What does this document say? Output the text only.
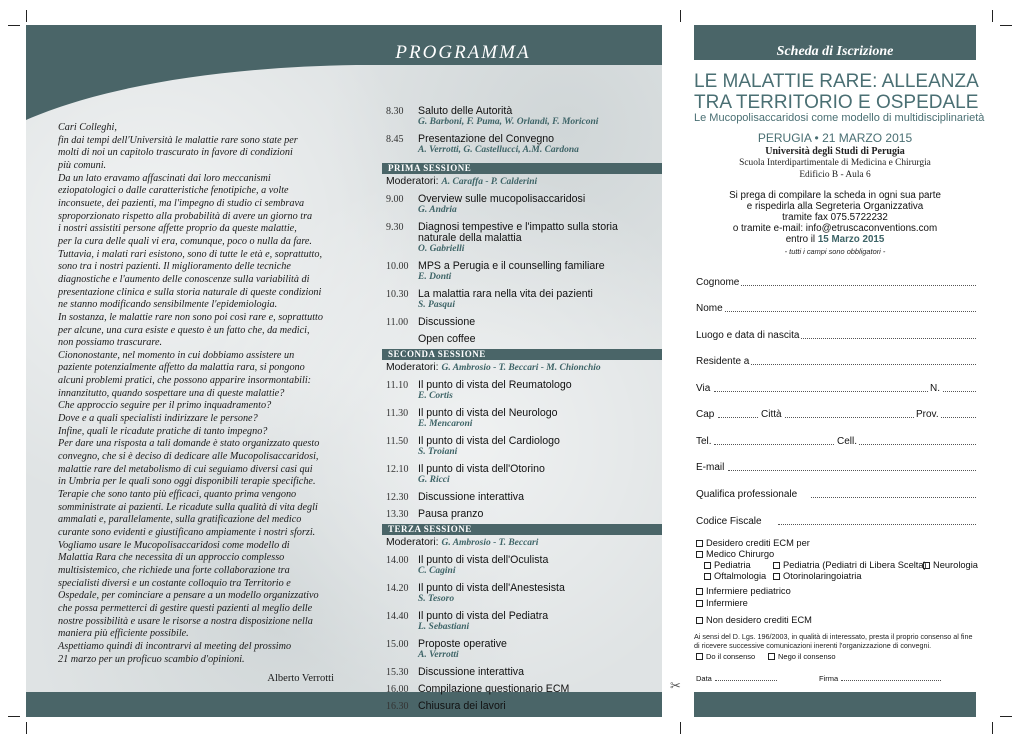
PROGRAMMA
Cari Colleghi,
fin dai tempi dell'Università le malattie rare sono state per
molti di noi un capitolo trascurato in favore di condizioni
più comuni.
Da un lato eravamo affascinati dai loro meccanismi
eziopatologici o dalle caratteristiche fenotipiche, a volte
inconsuete, dei pazienti, ma l'impegno di studio ci sembrava
sproporzionato rispetto alla probabilità di avere un giorno tra
i nostri assistiti persone affette proprio da queste malattie,
per la cura delle quali vi era, comunque, poco o nulla da fare.
Tuttavia, i malati rari esistono, sono di tutte le età e, soprattutto,
sono tra i nostri pazienti. Il miglioramento delle tecniche
diagnostiche e l'aumento delle conoscenze sulla variabilità di
presentazione clinica e sulla storia naturale di queste condizioni
ne stanno modificando sensibilmente l'epidemiologia.
In sostanza, le malattie rare non sono poi così rare e, soprattutto
per alcune, una cura esiste e questo è un fatto che, da medici,
non possiamo trascurare.
Ciononostante, nel momento in cui dobbiamo assistere un
paziente potenzialmente affetto da malattia rara, si pongono
alcuni problemi pratici, che possono apparire insormontabili:
innanzitutto, quando sospettare una di queste malattie?
Che approccio seguire per il primo inquadramento?
Dove e a quali specialisti indirizzare le persone?
Infine, quali le ricadute pratiche di tanto impegno?
Per dare una risposta a tali domande è stato organizzato questo
convegno, che si è deciso di dedicare alle Mucopolisaccaridosi,
malattie rare del metabolismo di cui seguiamo diversi casi qui
in Umbria per le quali sono oggi disponibili terapie specifiche.
Terapie che sono tanto più efficaci, quanto prima vengono
somministrate ai pazienti. Le ricadute sulla qualità di vita degli
ammalati e, parallelamente, sulla gratificazione del medico
curante sono evidenti e giustificano ampiamente i nostri sforzi.
Vogliamo usare le Mucopolisaccaridosi come modello di
Malattia Rara che necessita di un approccio complesso
multisistemico, che richiede una forte collaborazione tra
specialisti diversi e un costante colloquio tra Territorio e
Ospedale, per cominciare a pensare a un modello organizzativo
che possa permetterci di gestire questi pazienti al meglio delle
nostre possibilità e usare le risorse a nostra disposizione nella
maniera più efficiente possibile.
Aspettiamo quindi di incontrarvi al meeting del prossimo
21 marzo per un proficuo scambio d'opinioni.
Alberto Verrotti
8.30 Saluto delle Autorità
G. Barboni, F. Puma, W. Orlandi, F. Moriconi
8.45 Presentazione del Convegno
A. Verrotti, G. Castellucci, A.M. Cardona
PRIMA SESSIONE
Moderatori: A. Caraffa - P. Calderini
9.00 Overview sulle mucopolisaccaridosi
G. Andria
9.30 Diagnosi tempestive e l'impatto sulla storia
naturale della malattia
O. Gabrielli
10.00 MPS a Perugia e il counselling familiare
E. Donti
10.30 La malattia rara nella vita dei pazienti
S. Pasqui
11.00 Discussione
Open coffee
SECONDA SESSIONE
Moderatori: G. Ambrosio - T. Beccari - M. Chionchio
11.10 Il punto di vista del Reumatologo
E. Cortis
11.30 Il punto di vista del Neurologo
E. Mencaroni
11.50 Il punto di vista del Cardiologo
S. Troiani
12.10 Il punto di vista dell'Otorino
G. Ricci
12.30 Discussione interattiva
13.30 Pausa pranzo
TERZA SESSIONE
Moderatori: G. Ambrosio - T. Beccari
14.00 Il punto di vista dell'Oculista
C. Cagini
14.20 Il punto di vista dell'Anestesista
S. Tesoro
14.40 Il punto di vista del Pediatra
L. Sebastiani
15.00 Proposte operative
A. Verrotti
15.30 Discussione interattiva
16.00 Compilazione questionario ECM
16.30 Chiusura dei lavori
✂
Scheda di Iscrizione
LE MALATTIE RARE: ALLEANZA
TRA TERRITORIO E OSPEDALE
Le Mucopolisaccaridosi come modello di multidisciplinarietà
PERUGIA • 21 MARZO 2015
Università degli Studi di Perugia
Scuola Interdipartimentale di Medicina e Chirurgia
Edificio B - Aula 6
Si prega di compilare la scheda in ogni sua parte
e rispedirla alla Segreteria Organizzativa
tramite fax 075.5722232
o tramite e-mail: info@etruscaconventions.com
entro il 15 Marzo 2015
- tutti i campi sono obbligatori -
Cognome
Nome
Luogo e data di nascita
Residente a
Via	N.
Cap	Città	Prov.
Tel.	Cell.
E-mail
Qualifica professionale
Codice Fiscale
Desidero crediti ECM per
Medico Chirurgo
Pediatria	Pediatria (Pediatri di Libera Scelta) Neurologia
Oftalmologia	Otorinolaringoiatria
Infermiere pediatrico
Infermiere
Non desidero crediti ECM
Ai sensi del D. Lgs. 196/2003, in qualità di interessato, presta il proprio consenso al fine
di ricevere successive comunicazioni inerenti l'organizzazione di convegni.
Do il consenso	Nego il consenso
Data	Firma
